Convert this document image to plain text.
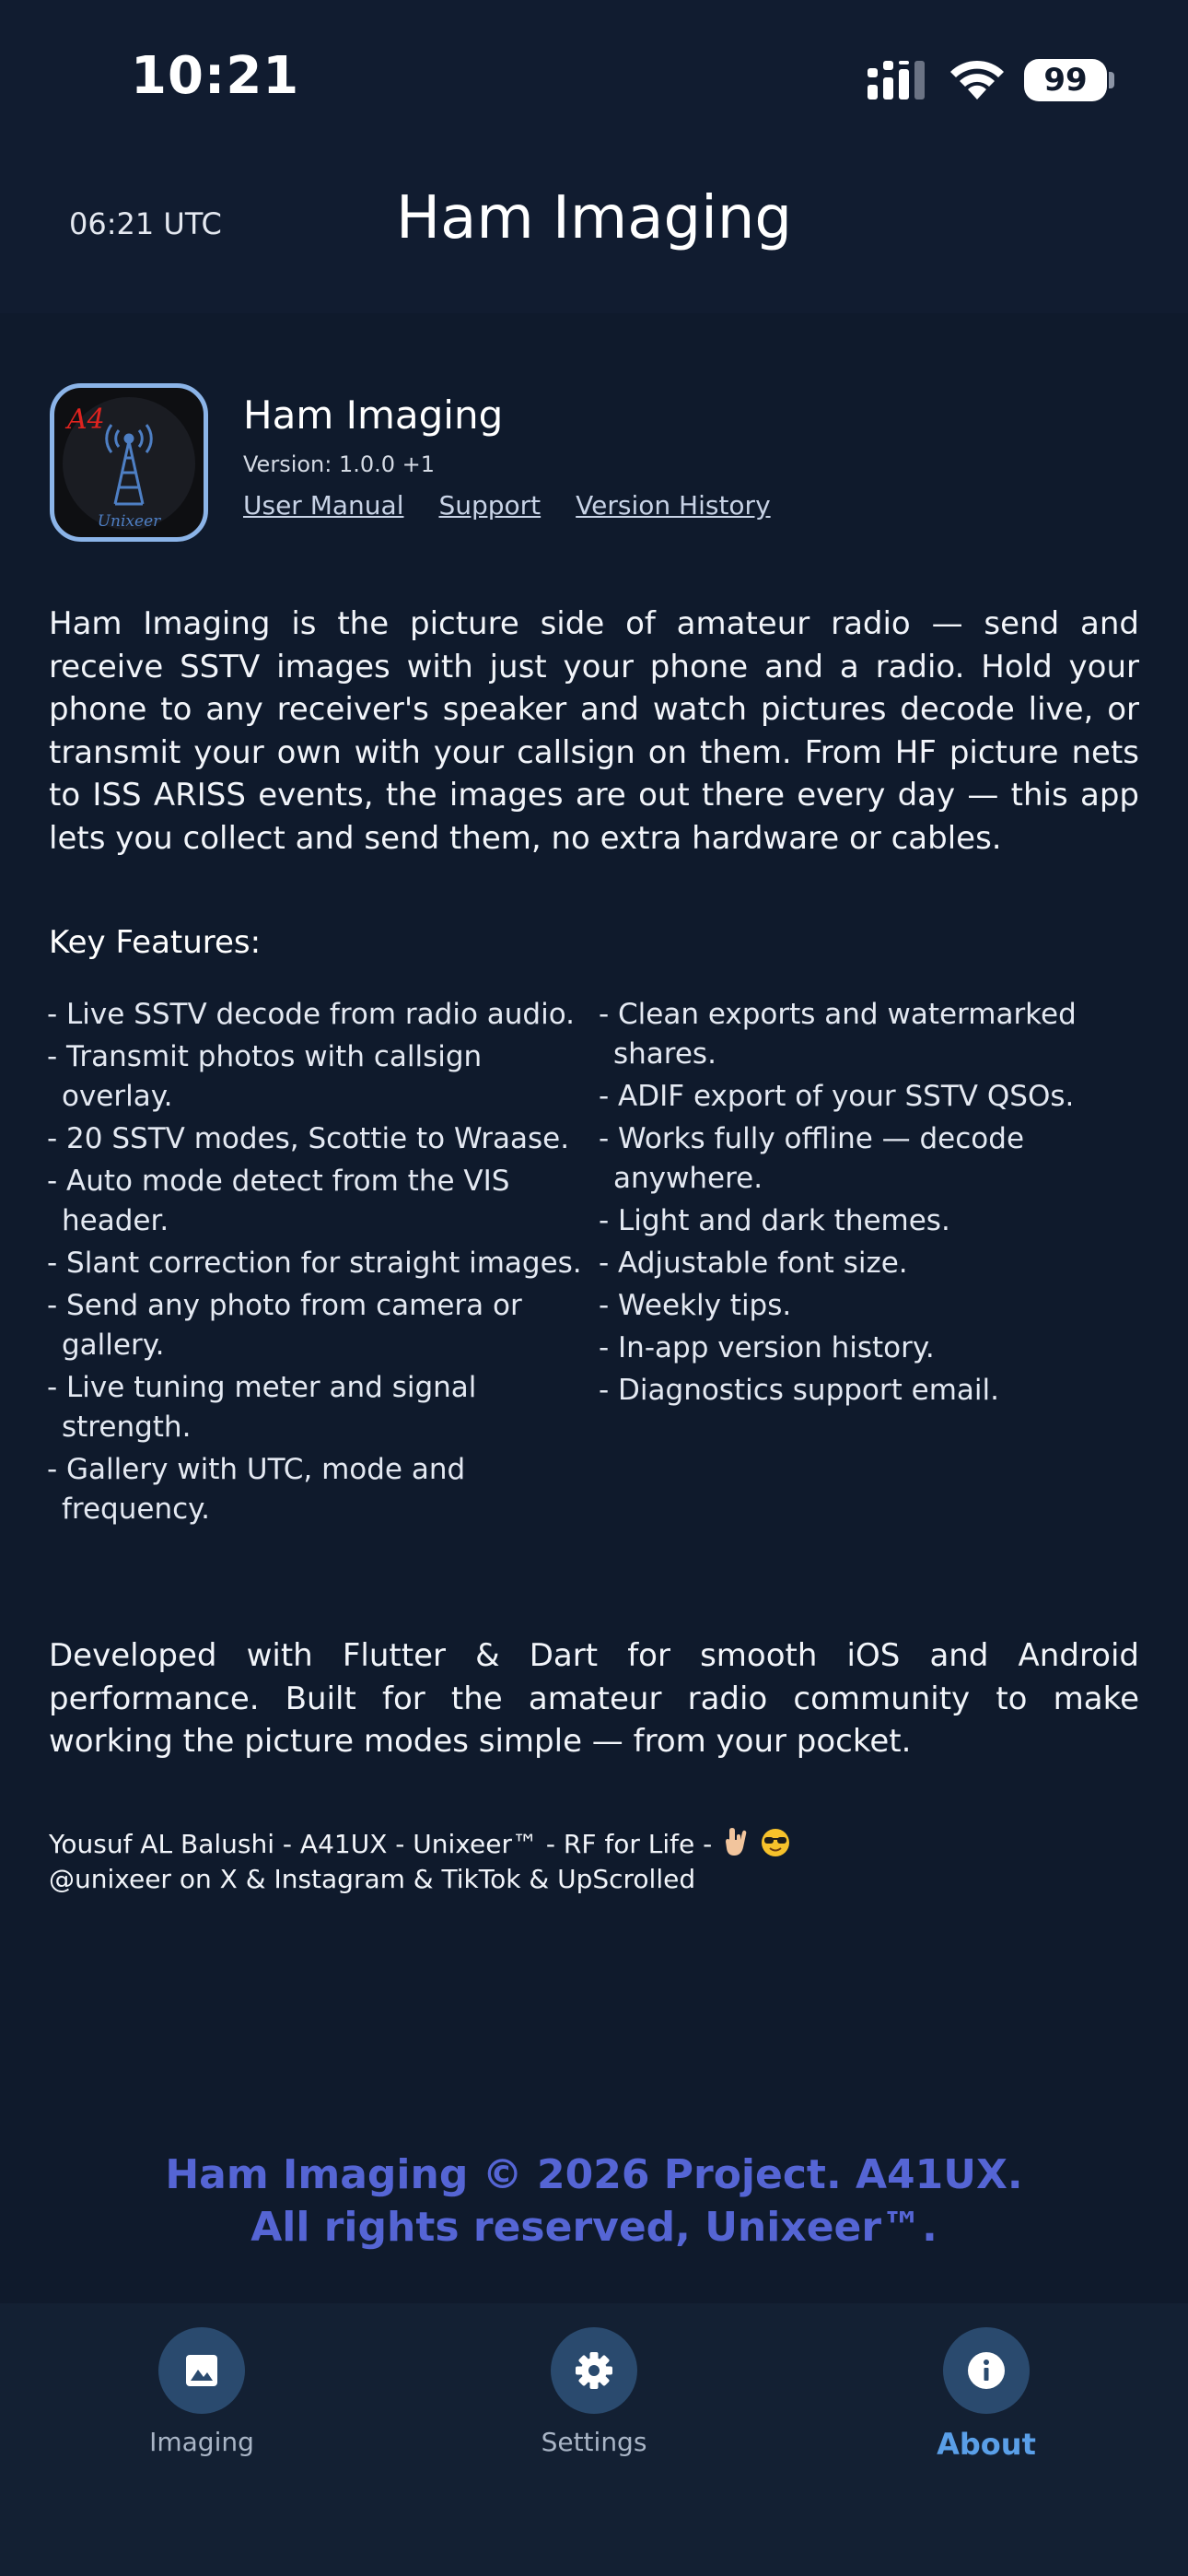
10:21	99
06:21 UTC	Ham Imaging
A4
Unixeer
Ham Imaging
Version: 1.0.0 +1
User Manual Support Version History
Ham Imaging is the picture side of amateur radio — send and receive SSTV images with just your phone and a radio. Hold your phone to any receiver's speaker and watch pictures decode live, or transmit your own with your callsign on them. From HF picture nets to ISS ARISS events, the images are out there every day — this app lets you collect and send them, no extra hardware or cables.
Key Features:
- Live SSTV decode from radio audio.
- Transmit photos with callsign overlay.
- 20 SSTV modes, Scottie to Wraase.
- Auto mode detect from the VIS header.
- Slant correction for straight images.
- Send any photo from camera or gallery.
- Live tuning meter and signal strength.
- Gallery with UTC, mode and frequency.
- Clean exports and watermarked shares.
- ADIF export of your SSTV QSOs.
- Works fully offline — decode anywhere.
- Light and dark themes.
- Adjustable font size.
- Weekly tips.
- In-app version history.
- Diagnostics support email.
Developed with Flutter & Dart for smooth iOS and Android performance. Built for the amateur radio community to make working the picture modes simple — from your pocket.
Yousuf AL Balushi - A41UX - Unixeer™ - RF for Life -
@unixeer on X & Instagram & TikTok & UpScrolled
Ham Imaging © 2026 Project. A41UX.
All rights reserved, Unixeer™.
Imaging	Settings	About
